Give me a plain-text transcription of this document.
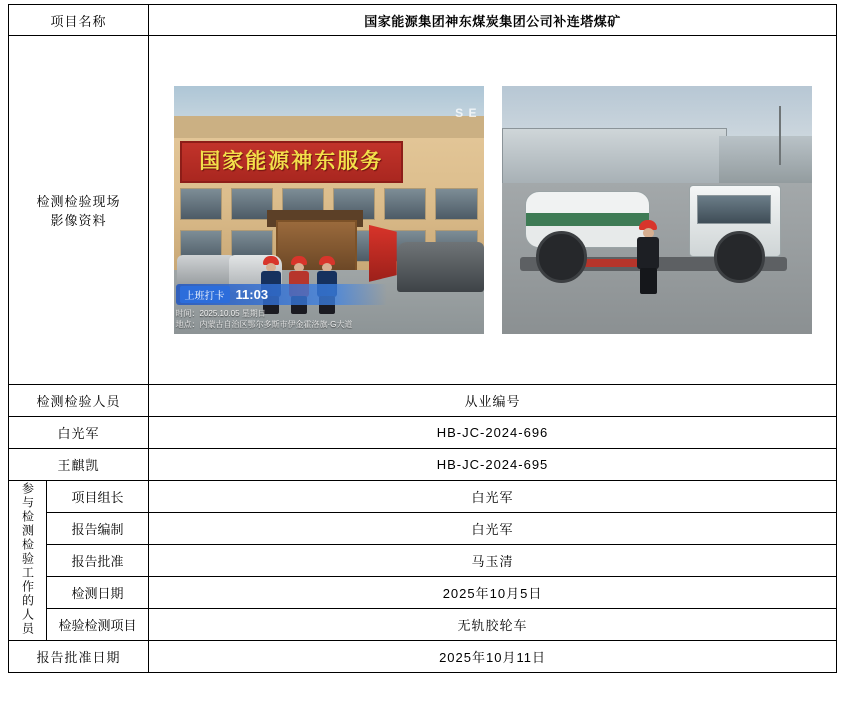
项目名称		国家能源集团神东煤炭集团公司补连塔煤矿

检测检验现场
影像资料

国家能源神东服务
S E
上班打卡 11:03
时间：2025.10.05 星期日
地点：内蒙古自治区鄂尔多斯市伊金霍洛旗·G大道

检测检验人员		从业编号
白光军		HB-JC-2024-696
王麒凯		HB-JC-2024-695
参与检测检验工作的人员	项目组长	白光军
	报告编制	白光军
	报告批准	马玉清
	检测日期	2025年10月5日
	检验检测项目	无轨胶轮车
报告批准日期		2025年10月11日
